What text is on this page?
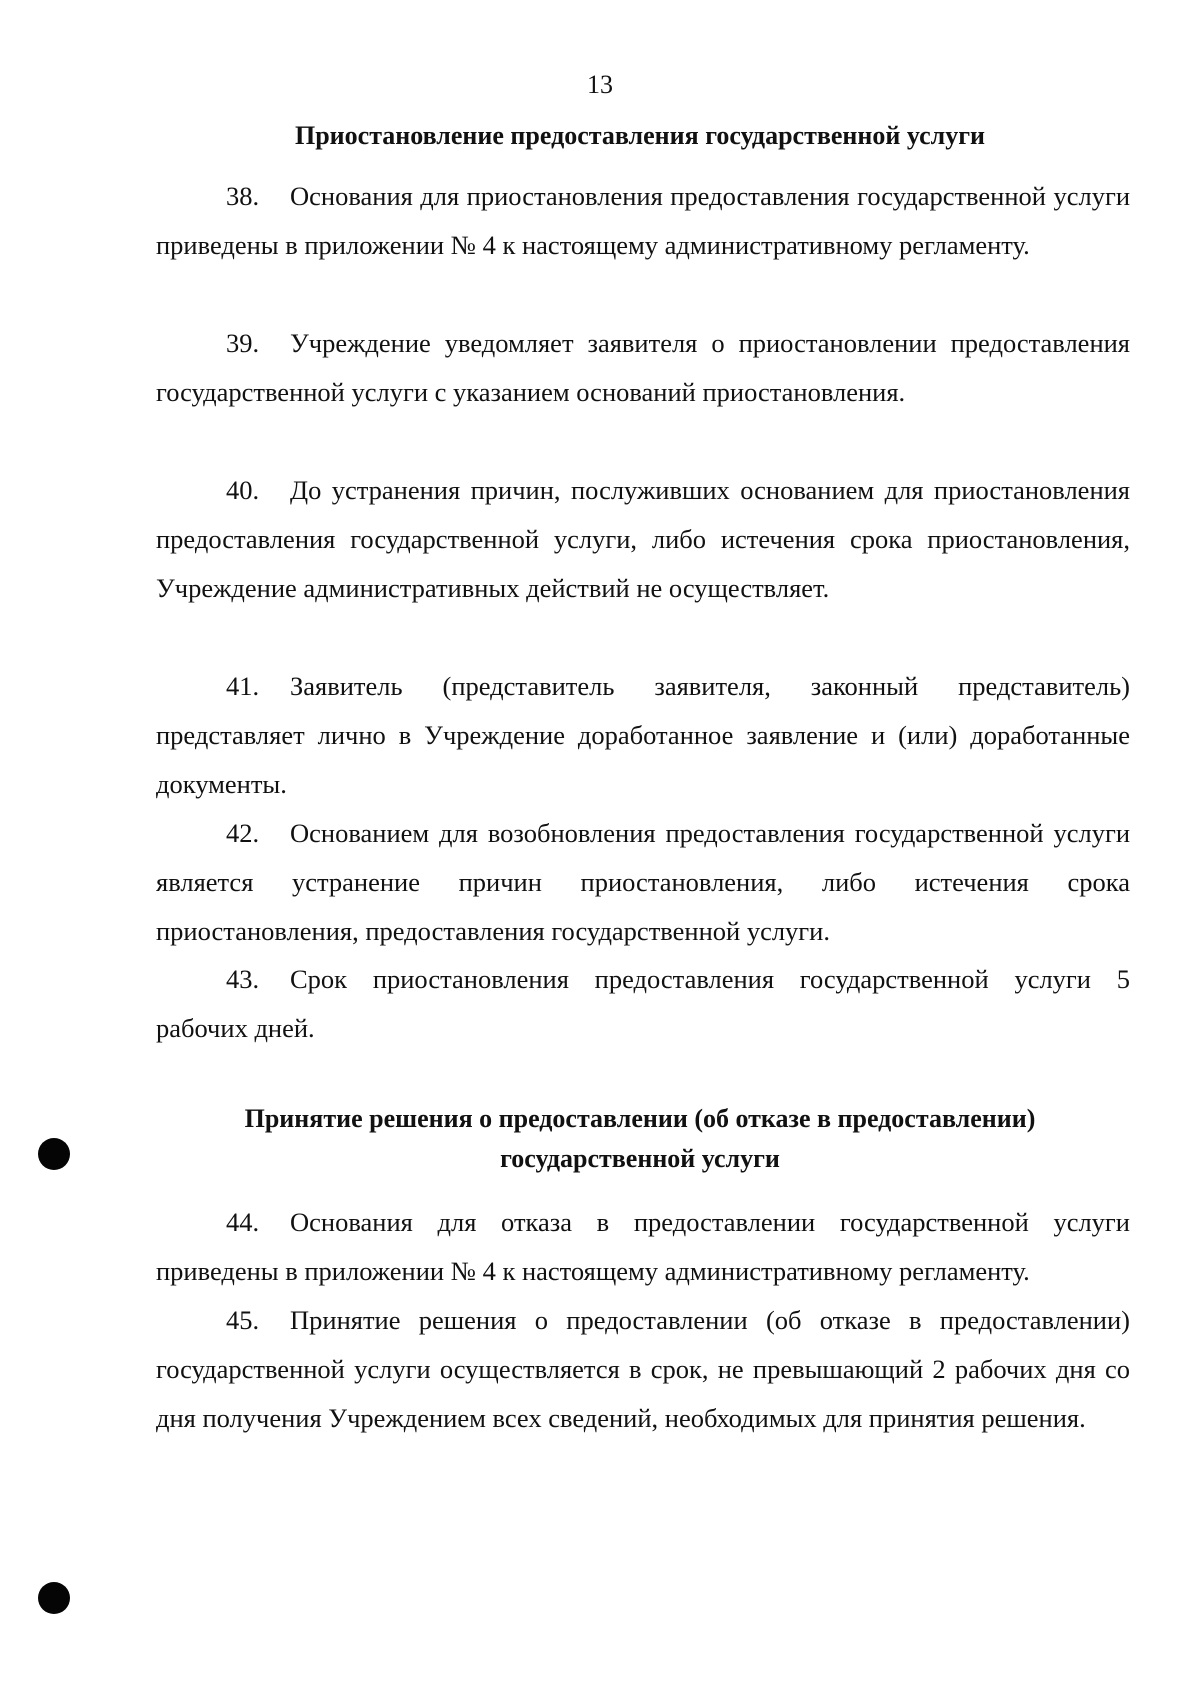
13
Приостановление предоставления государственной услуги

38. Основания для приостановления предоставления государственной услуги приведены в приложении № 4 к настоящему административному регламенту.

39. Учреждение уведомляет заявителя о приостановлении предоставления государственной услуги с указанием оснований приостановления.

40. До устранения причин, послуживших основанием для приостановления предоставления государственной услуги, либо истечения срока приостановления, Учреждение административных действий не осуществляет.

41. Заявитель (представитель заявителя, законный представитель) представляет лично в Учреждение доработанное заявление и (или) доработанные документы.

42. Основанием для возобновления предоставления государственной услуги является устранение причин приостановления, либо истечения срока приостановления, предоставления государственной услуги.

43. Срок приостановления предоставления государственной услуги 5 рабочих дней.

Принятие решения о предоставлении (об отказе в предоставлении) государственной услуги

44. Основания для отказа в предоставлении государственной услуги приведены в приложении № 4 к настоящему административному регламенту.

45. Принятие решения о предоставлении (об отказе в предоставлении) государственной услуги осуществляется в срок, не превышающий 2 рабочих дня со дня получения Учреждением всех сведений, необходимых для принятия решения.
